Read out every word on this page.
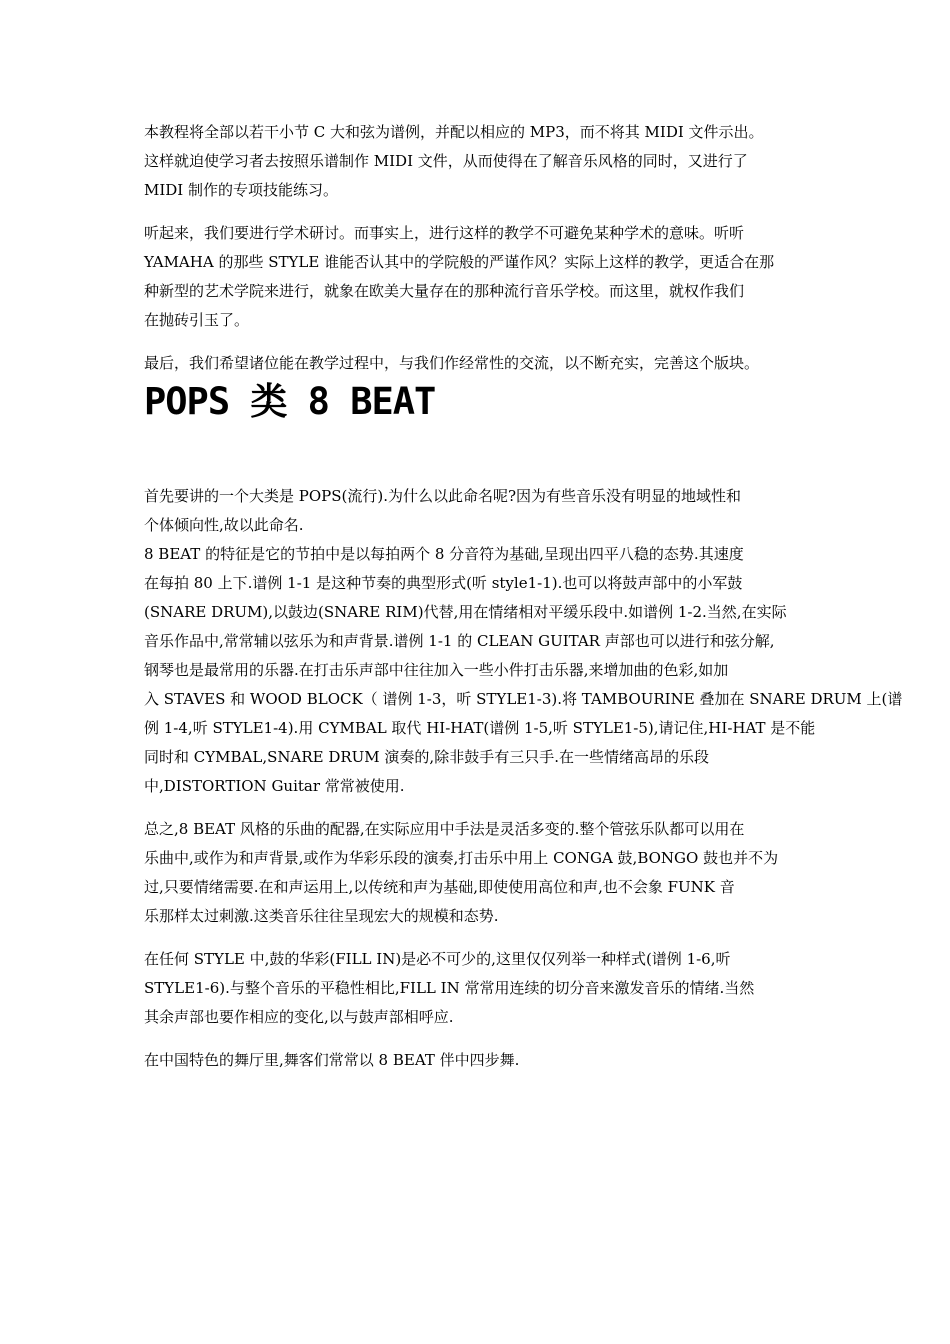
本教程将全部以若干小节 C 大和弦为谱例，并配以相应的 MP3，而不将其 MIDI 文件示出。
这样就迫使学习者去按照乐谱制作 MIDI 文件，从而使得在了解音乐风格的同时，又进行了
MIDI 制作的专项技能练习。

听起来，我们要进行学术研讨。而事实上，进行这样的教学不可避免某种学术的意味。听听
YAMAHA 的那些 STYLE 谁能否认其中的学院般的严谨作风？实际上这样的教学，更适合在那
种新型的艺术学院来进行，就象在欧美大量存在的那种流行音乐学校。而这里，就权作我们
在抛砖引玉了。

最后，我们希望诸位能在教学过程中，与我们作经常性的交流，以不断充实，完善这个版块。

POPS 类 8 BEAT

首先要讲的一个大类是 POPS(流行).为什么以此命名呢?因为有些音乐没有明显的地域性和
个体倾向性,故以此命名.
8 BEAT 的特征是它的节拍中是以每拍两个 8 分音符为基础,呈现出四平八稳的态势.其速度
在每拍 80 上下.谱例 1-1 是这种节奏的典型形式(听 style1-1).也可以将鼓声部中的小军鼓
(SNARE DRUM),以鼓边(SNARE RIM)代替,用在情绪相对平缓乐段中.如谱例 1-2.当然,在实际
音乐作品中,常常辅以弦乐为和声背景.谱例 1-1 的 CLEAN GUITAR 声部也可以进行和弦分解,
钢琴也是最常用的乐器.在打击乐声部中往往加入一些小件打击乐器,来增加曲的色彩,如加
入 STAVES 和 WOOD BLOCK（ 谱例 1-3，听 STYLE1-3).将 TAMBOURINE 叠加在 SNARE DRUM 上(谱
例 1-4,听 STYLE1-4).用 CYMBAL 取代 HI-HAT(谱例 1-5,听 STYLE1-5),请记住,HI-HAT 是不能
同时和 CYMBAL,SNARE DRUM 演奏的,除非鼓手有三只手.在一些情绪高昂的乐段
中,DISTORTION Guitar 常常被使用.

总之,8 BEAT 风格的乐曲的配器,在实际应用中手法是灵活多变的.整个管弦乐队都可以用在
乐曲中,或作为和声背景,或作为华彩乐段的演奏,打击乐中用上 CONGA 鼓,BONGO 鼓也并不为
过,只要情绪需要.在和声运用上,以传统和声为基础,即使使用高位和声,也不会象 FUNK 音
乐那样太过刺激.这类音乐往往呈现宏大的规模和态势.

在任何 STYLE 中,鼓的华彩(FILL IN)是必不可少的,这里仅仅列举一种样式(谱例 1-6,听
STYLE1-6).与整个音乐的平稳性相比,FILL IN 常常用连续的切分音来激发音乐的情绪.当然
其余声部也要作相应的变化,以与鼓声部相呼应.

在中国特色的舞厅里,舞客们常常以 8 BEAT 伴中四步舞.
